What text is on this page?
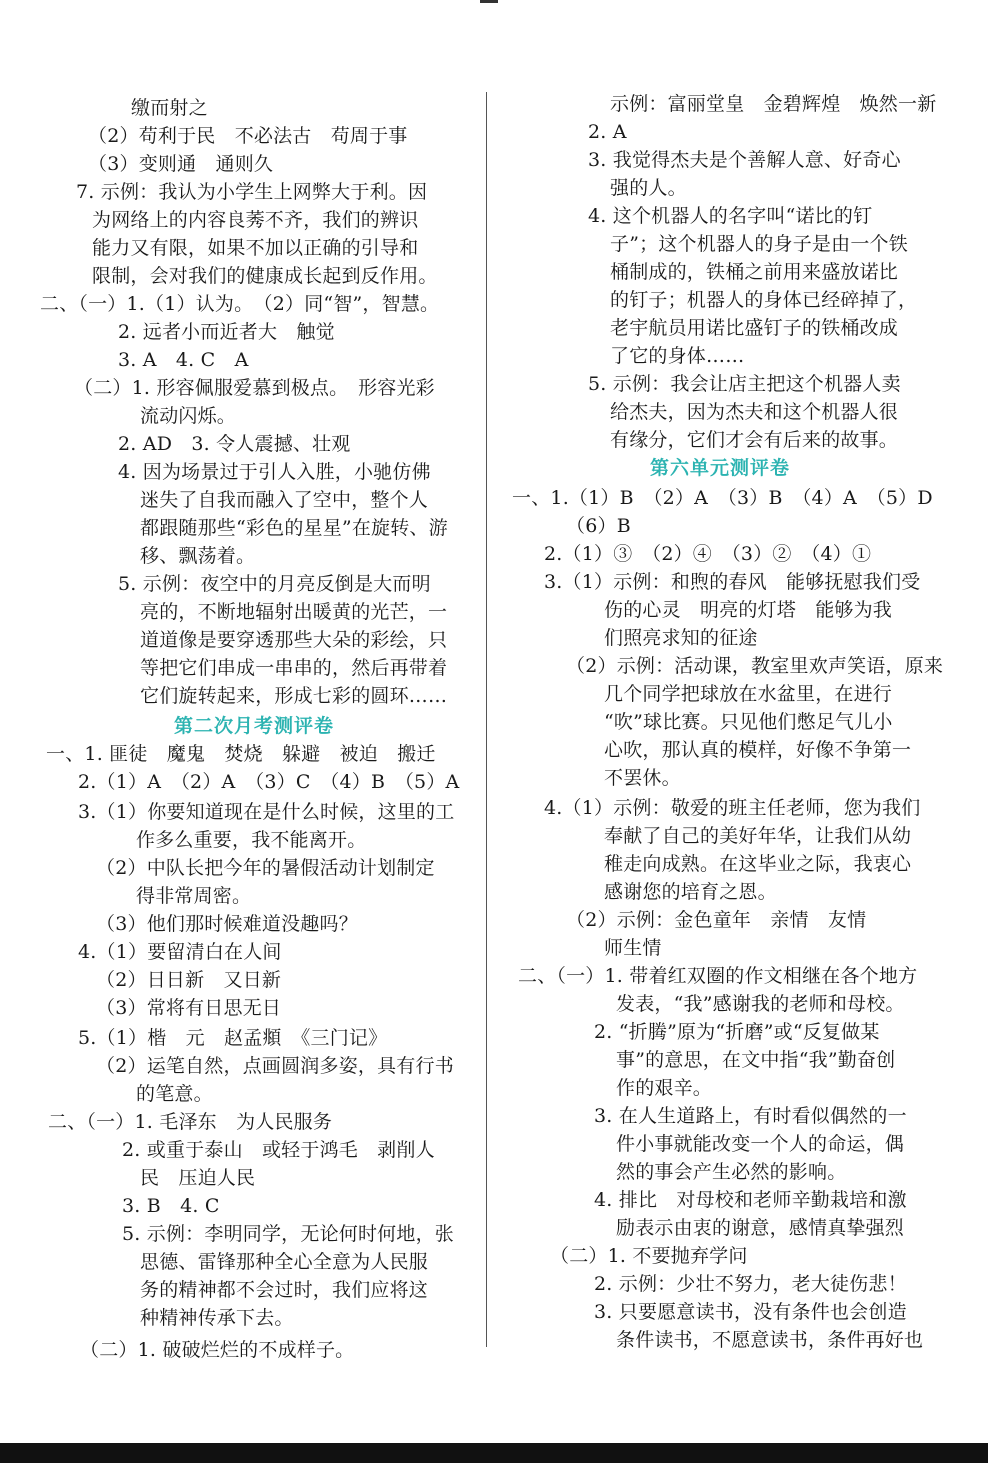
缴而射之
（2）苟利于民　不必法古　苟周于事
（3）变则通　通则久
7. 示例：我认为小学生上网弊大于利。因
为网络上的内容良莠不齐，我们的辨识
能力又有限，如果不加以正确的引导和
限制，会对我们的健康成长起到反作用。
二、（一）1.（1）认为。　（2）同“智”，智慧。
2. 远者小而近者大　触觉
3. A　4. C　A
（二）1. 形容佩服爱慕到极点。　形容光彩
流动闪烁。
2. AD　3. 令人震撼、壮观
4. 因为场景过于引人入胜，小驰仿佛
迷失了自我而融入了空中，整个人
都跟随那些“彩色的星星”在旋转、游
移、飘荡着。
5. 示例：夜空中的月亮反倒是大而明
亮的，不断地辐射出暖黄的光芒，一
道道像是要穿透那些大朵的彩绘，只
等把它们串成一串串的，然后再带着
它们旋转起来，形成七彩的圆环……
第二次月考测评卷
一、1. 匪徒　魔鬼　焚烧　躲避　被迫　搬迁
2.（1）A　（2）A　（3）C　（4）B　（5）A
3.（1）你要知道现在是什么时候，这里的工
作多么重要，我不能离开。
（2）中队长把今年的暑假活动计划制定
得非常周密。
（3）他们那时候难道没趣吗？
4.（1）要留清白在人间
（2）日日新　又日新
（3）常将有日思无日
5.（1）楷　元　赵孟頫　《三门记》
（2）运笔自然，点画圆润多姿，具有行书
的笔意。
二、（一）1. 毛泽东　为人民服务
2. 或重于泰山　或轻于鸿毛　剥削人
民　压迫人民
3. B　4. C
5. 示例：李明同学，无论何时何地，张
思德、雷锋那种全心全意为人民服
务的精神都不会过时，我们应将这
种精神传承下去。
（二）1. 破破烂烂的不成样子。
示例：富丽堂皇　金碧辉煌　焕然一新
2. A
3. 我觉得杰夫是个善解人意、好奇心
强的人。
4. 这个机器人的名字叫“诺比的钉
子”；这个机器人的身子是由一个铁
桶制成的，铁桶之前用来盛放诺比
的钉子；机器人的身体已经碎掉了，
老宇航员用诺比盛钉子的铁桶改成
了它的身体……
5. 示例：我会让店主把这个机器人卖
给杰夫，因为杰夫和这个机器人很
有缘分，它们才会有后来的故事。
第六单元测评卷
一、1.（1）B　（2）A　（3）B　（4）A　（5）D
（6）B
2.（1）③　（2）④　（3）②　（4）①
3.（1）示例：和煦的春风　能够抚慰我们受
伤的心灵　明亮的灯塔　能够为我
们照亮求知的征途
（2）示例：活动课，教室里欢声笑语，原来
几个同学把球放在水盆里，在进行
“吹”球比赛。只见他们憋足气儿小
心吹，那认真的模样，好像不争第一
不罢休。
4.（1）示例：敬爱的班主任老师，您为我们
奉献了自己的美好年华，让我们从幼
稚走向成熟。在这毕业之际，我衷心
感谢您的培育之恩。
（2）示例：金色童年　亲情　友情
师生情
二、（一）1. 带着红双圈的作文相继在各个地方
发表，“我”感谢我的老师和母校。
2. “折腾”原为“折磨”或“反复做某
事”的意思，在文中指“我”勤奋创
作的艰辛。
3. 在人生道路上，有时看似偶然的一
件小事就能改变一个人的命运，偶
然的事会产生必然的影响。
4. 排比　对母校和老师辛勤栽培和激
励表示由衷的谢意，感情真挚强烈
（二）1. 不要抛弃学问
2. 示例：少壮不努力，老大徒伤悲！
3. 只要愿意读书，没有条件也会创造
条件读书，不愿意读书，条件再好也
